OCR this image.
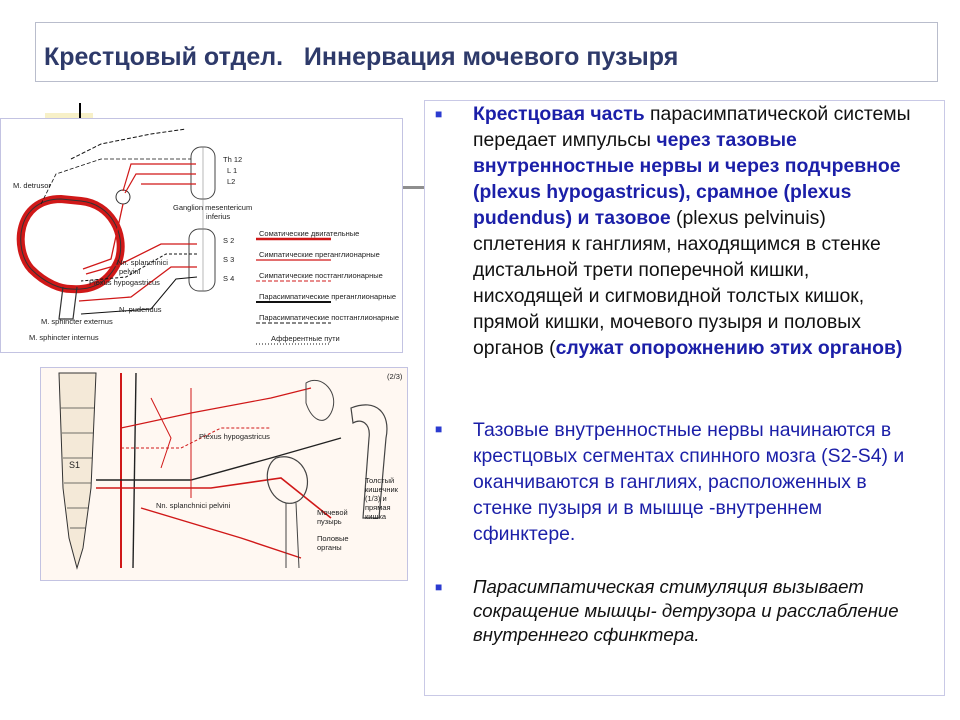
Крестцовый отдел.   Иннервация мочевого пузыря
Th 12
L 1
L2
M. detrusor
Ganglion mesentericum
inferius
S 2
S 3
S 4
Nn. splanchnici
pelvini
Plexus hypogastricus
N. pudendus
M. sphincter externus
M. sphincter internus
Соматические двигательные
Симпатические преганглионарные
Симпатические постганглионарные
Парасимпатические преганглионарные
Парасимпатические постганглионарные
Афферентные пути
(2/3)
Plexus hypogastricus
S1
Nn. splanchnici pelvini
Мочевой пузырь
Толстый кишечник (1/3) и прямая кишка
Половые органы
■ Крестцовая часть парасимпатической системы передает импульсы через тазовые внутренностные нервы и через подчревное (plexus hypogastricus), срамное (plexus pudendus) и тазовое (plexus pelvinuis) сплетения к ганглиям, находящимся в стенке дистальной трети поперечной кишки, нисходящей и сигмовидной толстых кишок, прямой кишки, мочевого пузыря и половых органов (служат опорожнению этих органов)
■ Тазовые внутренностные нервы начинаются в крестцовых сегментах спинного мозга (S2-S4) и оканчиваются в ганглиях, расположенных в стенке пузыря и в мышце -внутреннем сфинктере.
■ Парасимпатическая стимуляция вызывает сокращение мышцы- детрузора и расслабление внутреннего сфинктера.
